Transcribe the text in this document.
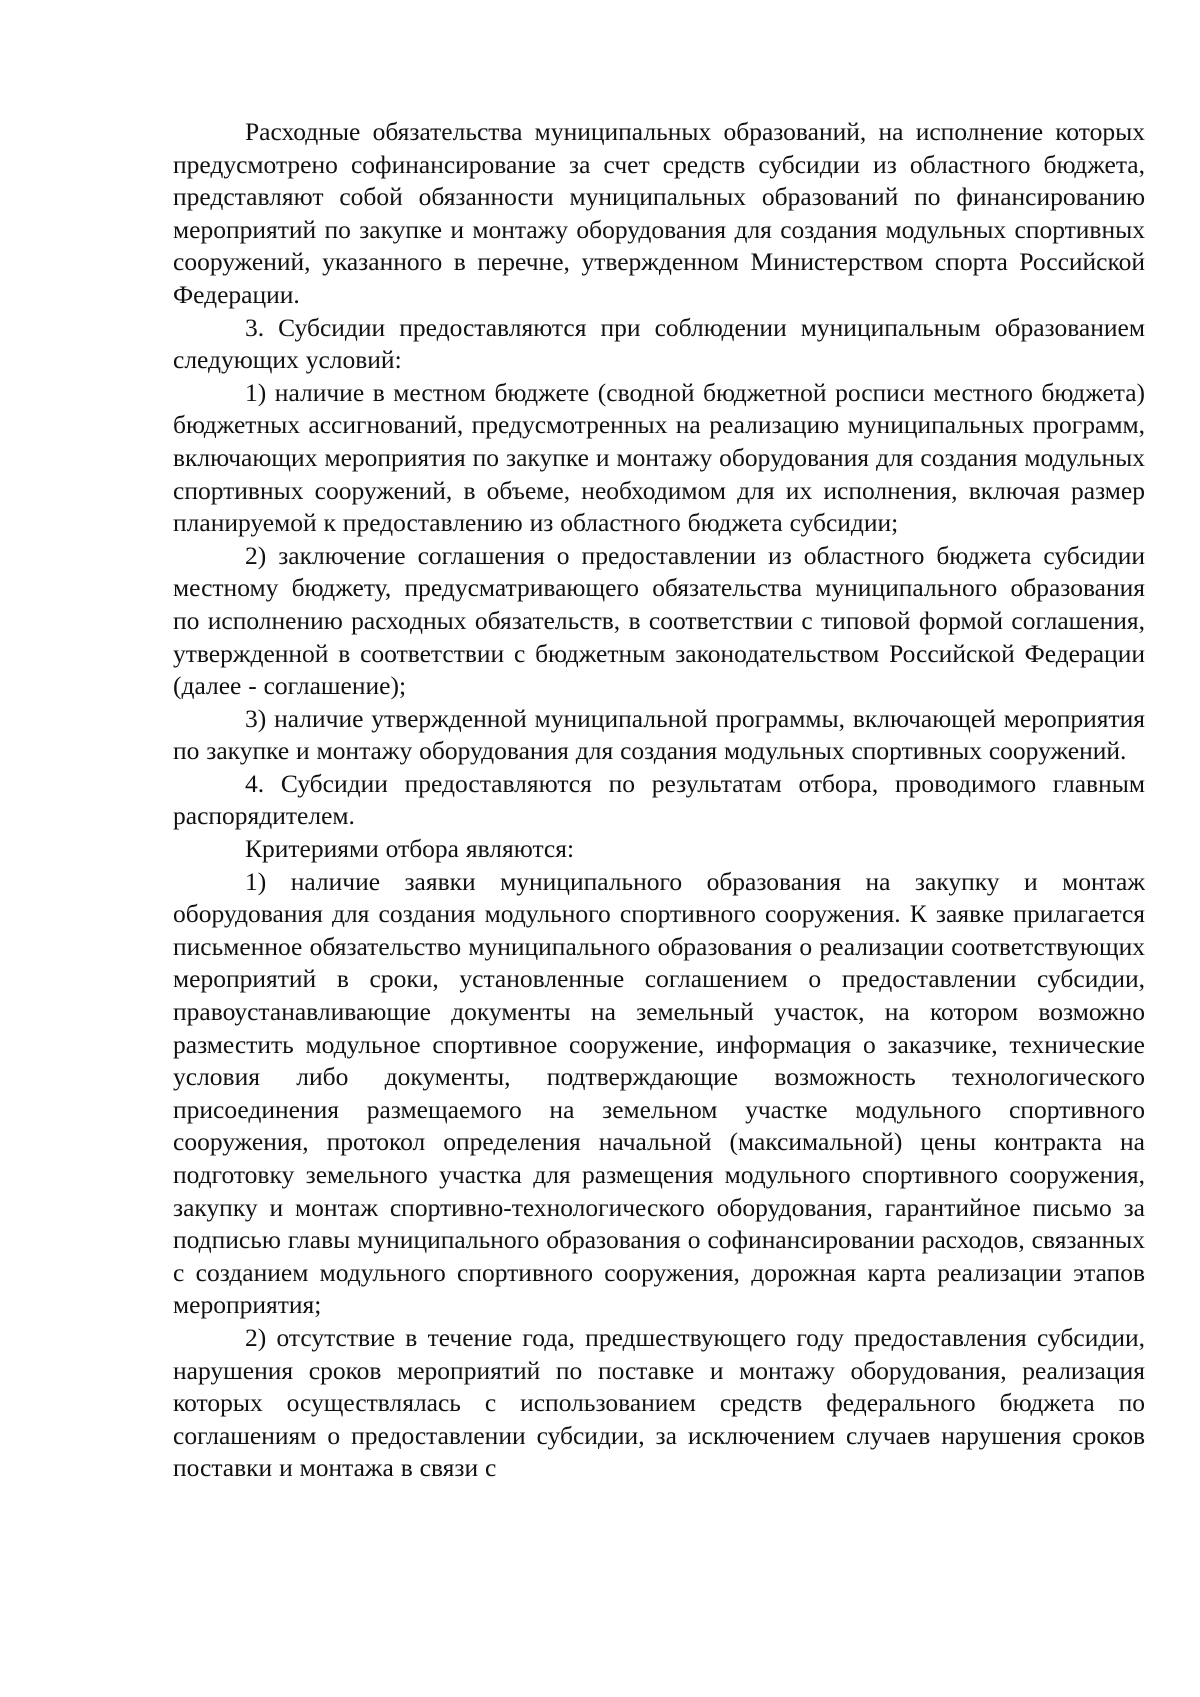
Расходные обязательства муниципальных образований, на исполнение которых предусмотрено софинансирование за счет средств субсидии из областного бюджета, представляют собой обязанности муниципальных образований по финансированию мероприятий по закупке и монтажу оборудования для создания модульных спортивных сооружений, указанного в перечне, утвержденном Министерством спорта Российской Федерации.

3. Субсидии предоставляются при соблюдении муниципальным образованием следующих условий:

1) наличие в местном бюджете (сводной бюджетной росписи местного бюджета) бюджетных ассигнований, предусмотренных на реализацию муниципальных программ, включающих мероприятия по закупке и монтажу оборудования для создания модульных спортивных сооружений, в объеме, необходимом для их исполнения, включая размер планируемой к предоставлению из областного бюджета субсидии;

2) заключение соглашения о предоставлении из областного бюджета субсидии местному бюджету, предусматривающего обязательства муниципального образования по исполнению расходных обязательств, в соответствии с типовой формой соглашения, утвержденной в соответствии с бюджетным законодательством Российской Федерации (далее - соглашение);

3) наличие утвержденной муниципальной программы, включающей мероприятия по закупке и монтажу оборудования для создания модульных спортивных сооружений.

4. Субсидии предоставляются по результатам отбора, проводимого главным распорядителем.

Критериями отбора являются:

1) наличие заявки муниципального образования на закупку и монтаж оборудования для создания модульного спортивного сооружения. К заявке прилагается письменное обязательство муниципального образования о реализации соответствующих мероприятий в сроки, установленные соглашением о предоставлении субсидии, правоустанавливающие документы на земельный участок, на котором возможно разместить модульное спортивное сооружение, информация о заказчике, технические условия либо документы, подтверждающие возможность технологического присоединения размещаемого на земельном участке модульного спортивного сооружения, протокол определения начальной (максимальной) цены контракта на подготовку земельного участка для размещения модульного спортивного сооружения, закупку и монтаж спортивно-технологического оборудования, гарантийное письмо за подписью главы муниципального образования о софинансировании расходов, связанных с созданием модульного спортивного сооружения, дорожная карта реализации этапов мероприятия;

2) отсутствие в течение года, предшествующего году предоставления субсидии, нарушения сроков мероприятий по поставке и монтажу оборудования, реализация которых осуществлялась с использованием средств федерального бюджета по соглашениям о предоставлении субсидии, за исключением случаев нарушения сроков поставки и монтажа в связи с
